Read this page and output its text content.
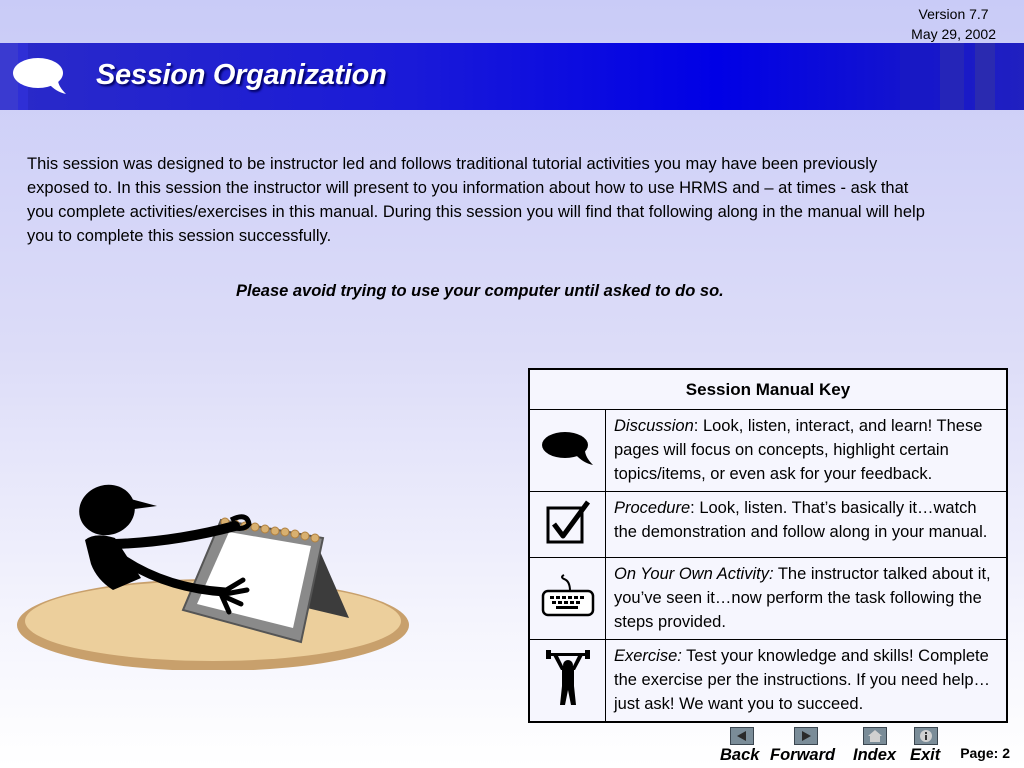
Version 7.7
May 29, 2002
Session Organization
This session was designed to be instructor led and follows traditional tutorial activities you may have been previously exposed to. In this session the instructor will present to you information about how to use HRMS and – at times - ask that you complete activities/exercises in this manual. During this session you will find that following along in the manual will help you to complete this session successfully.
Please avoid trying to use your computer until asked to do so.
Session Manual Key	
	Discussion: Look, listen, interact, and learn! These pages will focus on concepts, highlight certain topics/items, or even ask for your feedback.
	Procedure: Look, listen. That’s basically it…watch the demonstration and follow along in your manual.
	On Your Own Activity: The instructor talked about it, you’ve seen it…now perform the task following the steps provided.
	Exercise: Test your knowledge and skills! Complete the exercise per the instructions. If you need help…just ask! We want you to succeed.
Back Forward Index Exit Page: 2
